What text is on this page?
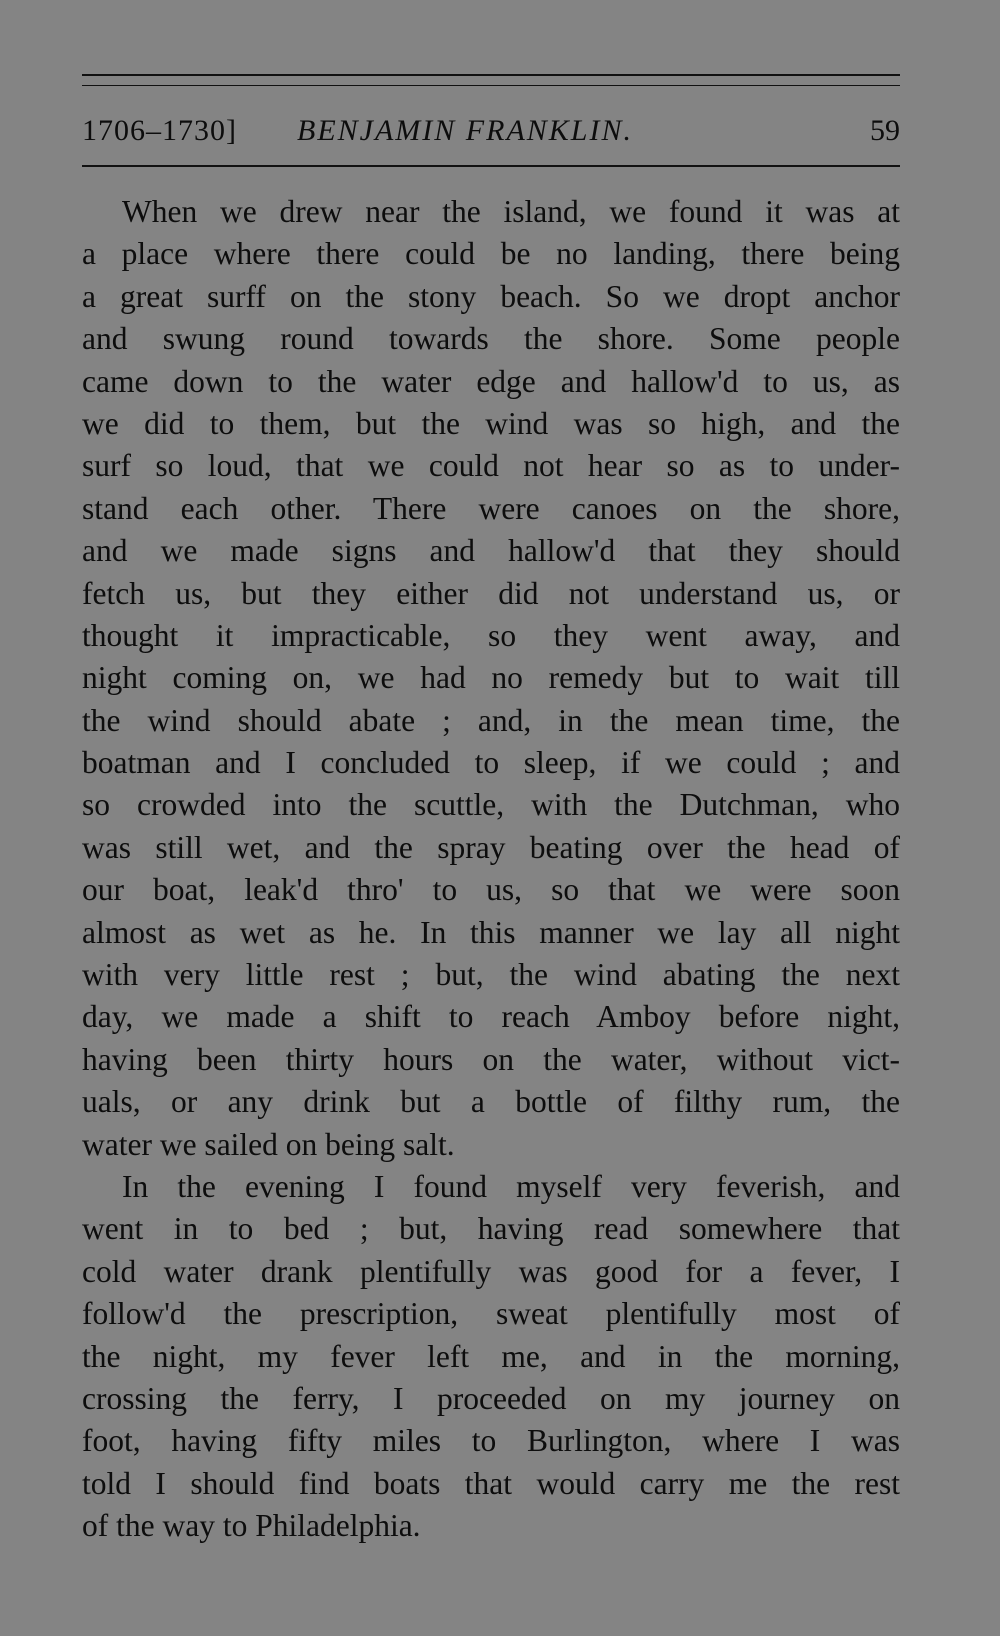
1706–1730] BENJAMIN FRANKLIN.	59
When we drew near the island, we found it was at
a place where there could be no landing, there being
a great surff on the stony beach. So we dropt anchor
and swung round towards the shore. Some people
came down to the water edge and hallow'd to us, as
we did to them, but the wind was so high, and the
surf so loud, that we could not hear so as to under-
stand each other. There were canoes on the shore,
and we made signs and hallow'd that they should
fetch us, but they either did not understand us, or
thought it impracticable, so they went away, and
night coming on, we had no remedy but to wait till
the wind should abate ; and, in the mean time, the
boatman and I concluded to sleep, if we could ; and
so crowded into the scuttle, with the Dutchman, who
was still wet, and the spray beating over the head of
our boat, leak'd thro' to us, so that we were soon
almost as wet as he. In this manner we lay all night
with very little rest ; but, the wind abating the next
day, we made a shift to reach Amboy before night,
having been thirty hours on the water, without vict-
uals, or any drink but a bottle of filthy rum, the
water we sailed on being salt.
In the evening I found myself very feverish, and
went in to bed ; but, having read somewhere that
cold water drank plentifully was good for a fever, I
follow'd the prescription, sweat plentifully most of
the night, my fever left me, and in the morning,
crossing the ferry, I proceeded on my journey on
foot, having fifty miles to Burlington, where I was
told I should find boats that would carry me the rest
of the way to Philadelphia.
